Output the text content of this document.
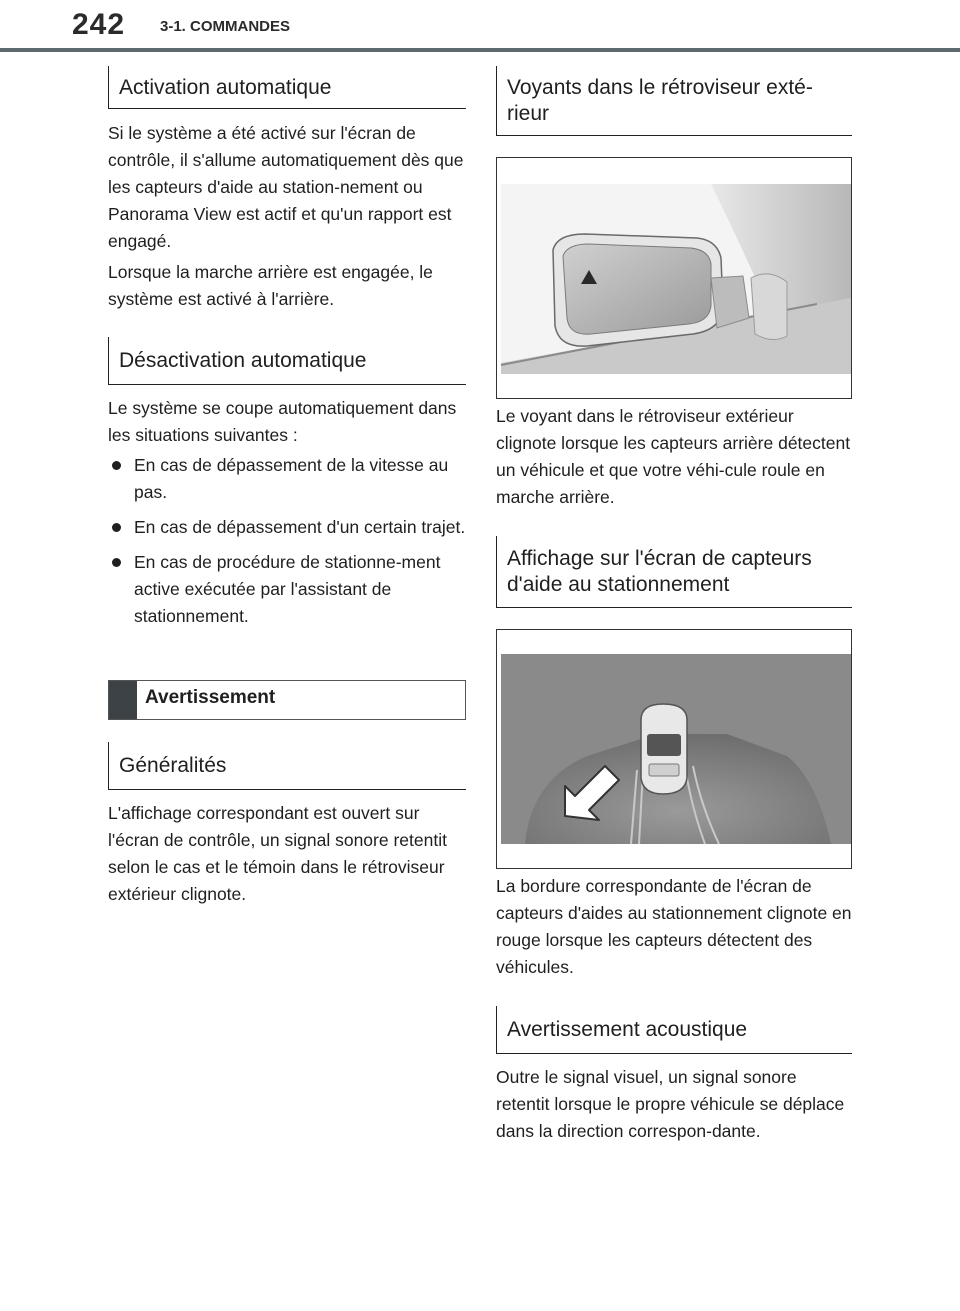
242 3-1. COMMANDES
Activation automatique

Si le système a été activé sur l'écran de contrôle, il s'allume automatiquement dès que les capteurs d'aide au station-nement ou Panorama View est actif et qu'un rapport est engagé.

Lorsque la marche arrière est engagée, le système est activé à l'arrière.

Désactivation automatique

Le système se coupe automatiquement dans les situations suivantes :

En cas de dépassement de la vitesse au pas.
En cas de dépassement d'un certain trajet.
En cas de procédure de stationne-ment active exécutée par l'assistant de stationnement.
Avertissement
Généralités

L'affichage correspondant est ouvert sur l'écran de contrôle, un signal sonore retentit selon le cas et le témoin dans le rétroviseur extérieur clignote.

Voyants dans le rétroviseur exté-rieur

Le voyant dans le rétroviseur extérieur clignote lorsque les capteurs arrière détectent un véhicule et que votre véhi-cule roule en marche arrière.

Affichage sur l'écran de capteurs d'aide au stationnement

La bordure correspondante de l'écran de capteurs d'aides au stationnement clignote en rouge lorsque les capteurs détectent des véhicules.

Avertissement acoustique

Outre le signal visuel, un signal sonore retentit lorsque le propre véhicule se déplace dans la direction correspon-dante.
